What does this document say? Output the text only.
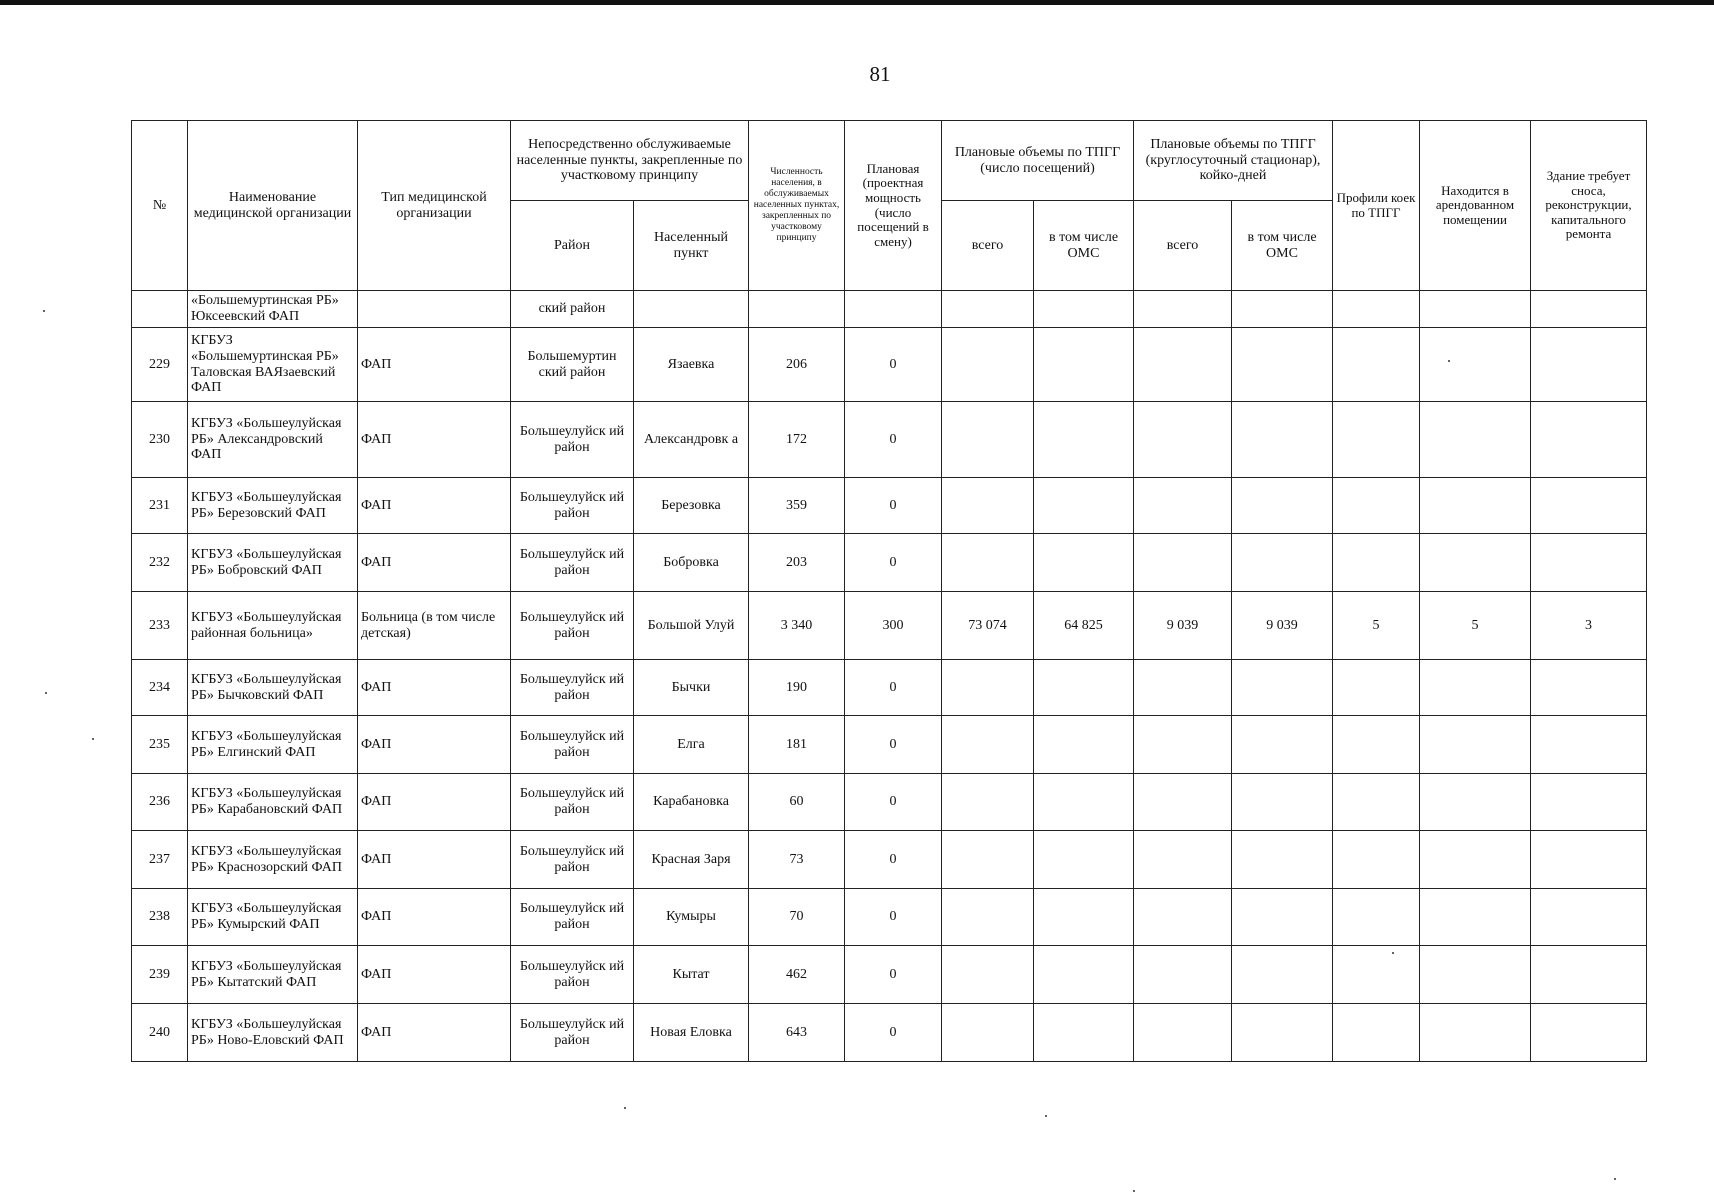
81
№	Наименование медицинской организации	Тип медицинской организации	Непосредственно обслуживаемые населенные пункты, закрепленные по участковому принципу		Численность населения, в обслуживаемых населенных пунктах, закрепленных по участковому принципу	Плановая (проектная мощность (число посещений в смену)	Плановые объемы по ТПГГ (число посещений)		Плановые объемы по ТПГГ (круглосуточный стационар), койко-дней		Профили коек по ТПГГ	Находится в арендованном помещении	Здание требует сноса, реконструкции, капитального ремонта
			Район	Населенный пункт			всего	в том числе ОМС	всего	в том числе ОМС			
	«Большемуртинская РБ» Юксеевский ФАП		ский район										
229	КГБУЗ «Большемуртинская РБ» Таловская ВАЯзаевский ФАП	ФАП	Большемуртин ский район	Язаевка	206	0							
230	КГБУЗ «Большеулуйская РБ» Александровский ФАП	ФАП	Большеулуйск ий район	Александровк а	172	0							
231	КГБУЗ «Большеулуйская РБ» Березовский ФАП	ФАП	Большеулуйск ий район	Березовка	359	0							
232	КГБУЗ «Большеулуйская РБ» Бобровский ФАП	ФАП	Большеулуйск ий район	Бобровка	203	0							
233	КГБУЗ «Большеулуйская районная больница»	Больница (в том числе детская)	Большеулуйск ий район	Большой Улуй	3 340	300	73 074	64 825	9 039	9 039	5	5	3
234	КГБУЗ «Большеулуйская РБ» Бычковский ФАП	ФАП	Большеулуйск ий район	Бычки	190	0							
235	КГБУЗ «Большеулуйская РБ» Елгинский ФАП	ФАП	Большеулуйск ий район	Елга	181	0							
236	КГБУЗ «Большеулуйская РБ» Карабановский ФАП	ФАП	Большеулуйск ий район	Карабановка	60	0							
237	КГБУЗ «Большеулуйская РБ» Краснозорский ФАП	ФАП	Большеулуйск ий район	Красная Заря	73	0							
238	КГБУЗ «Большеулуйская РБ» Кумырский ФАП	ФАП	Большеулуйск ий район	Кумыры	70	0							
239	КГБУЗ «Большеулуйская РБ» Кытатский ФАП	ФАП	Большеулуйск ий район	Кытат	462	0							
240	КГБУЗ «Большеулуйская РБ» Ново-Еловский ФАП	ФАП	Большеулуйск ий район	Новая Еловка	643	0							
